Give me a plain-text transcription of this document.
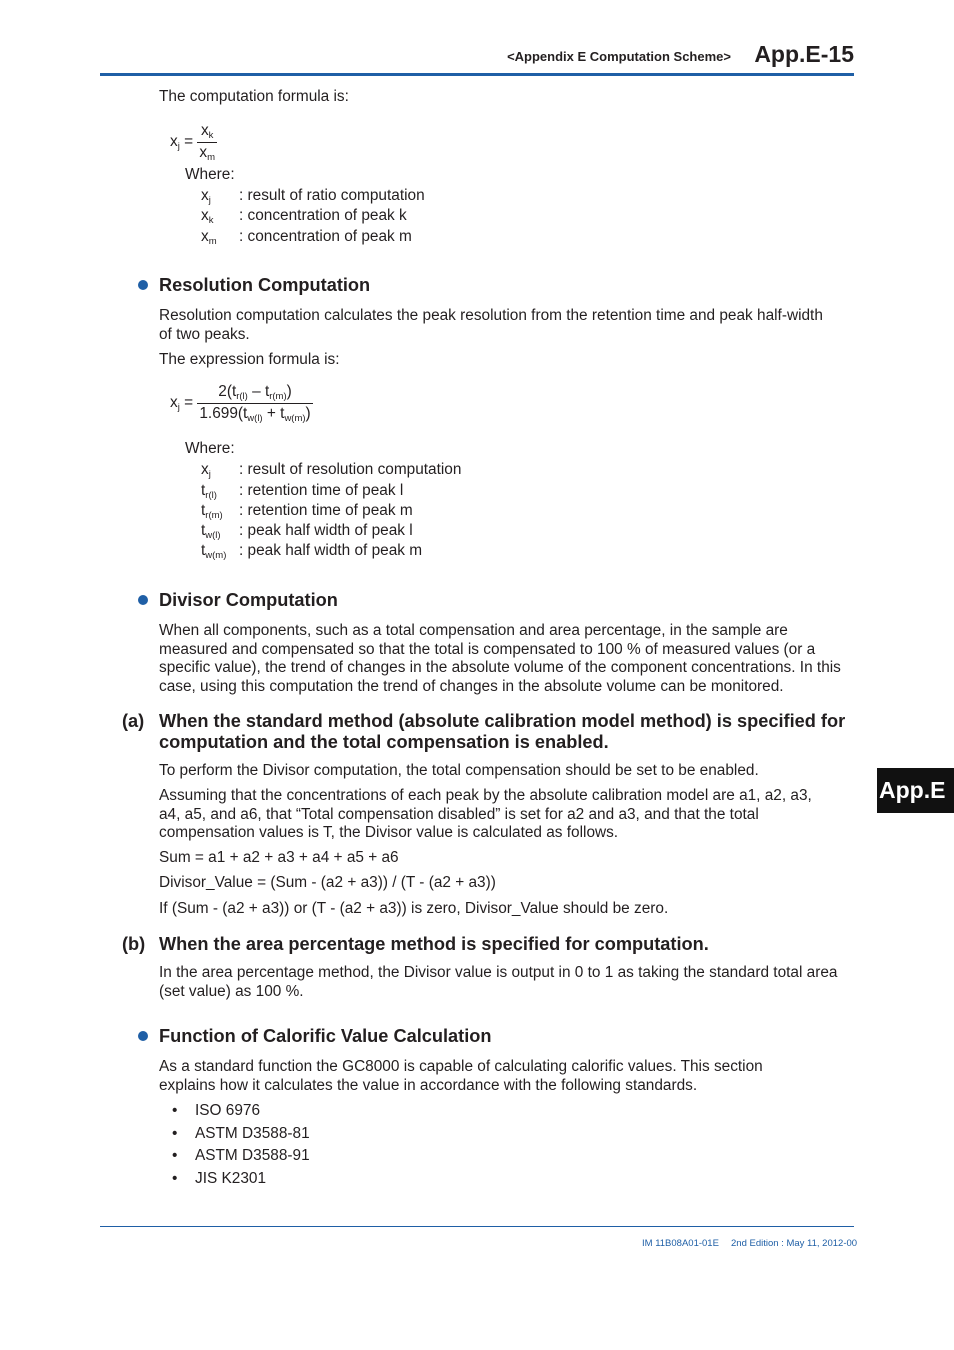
<Appendix E Computation Scheme> App.E-15
App.E
The computation formula is:
$x_j = \frac{x_k}{x_m}$
Where:
$x_j$ : result of ratio computation
$x_k$ : concentration of peak k
$x_m$ : concentration of peak m
Resolution Computation
Resolution computation calculates the peak resolution from the retention time and peak half-width of two peaks.
The expression formula is:
$x_j = \frac{2(t_{r(l)} - t_{r(m)})}{1.699(t_{w(l)} + t_{w(m)})}$
Where:
$x_j$ : result of resolution computation
$t_{r(l)}$ : retention time of peak l
$t_{r(m)}$ : retention time of peak m
$t_{w(l)}$ : peak half width of peak l
$t_{w(m)}$ : peak half width of peak m
Divisor Computation
When all components, such as a total compensation and area percentage, in the sample are measured and compensated so that the total is compensated to 100 % of measured values (or a specific value), the trend of changes in the absolute volume of the component concentrations. In this case, using this computation the trend of changes in the absolute volume can be monitored.
(a) When the standard method (absolute calibration model method) is specified for computation and the total compensation is enabled.
To perform the Divisor computation, the total compensation should be set to be enabled.
Assuming that the concentrations of each peak by the absolute calibration model are a1, a2, a3, a4, a5, and a6, that “Total compensation disabled” is set for a2 and a3, and that the total compensation values is T, the Divisor value is calculated as follows.
Sum = a1 + a2 + a3 + a4 + a5 + a6
Divisor_Value = (Sum - (a2 + a3)) / (T - (a2 + a3))
If (Sum - (a2 + a3)) or (T - (a2 + a3)) is zero, Divisor_Value should be zero.
(b) When the area percentage method is specified for computation.
In the area percentage method, the Divisor value is output in 0 to 1 as taking the standard total area (set value) as 100 %.
Function of Calorific Value Calculation
As a standard function the GC8000 is capable of calculating calorific values. This section explains how it calculates the value in accordance with the following standards.
• ISO 6976
• ASTM D3588-81
• ASTM D3588-91
• JIS K2301
IM 11B08A01-01E 2nd Edition : May 11, 2012-00
